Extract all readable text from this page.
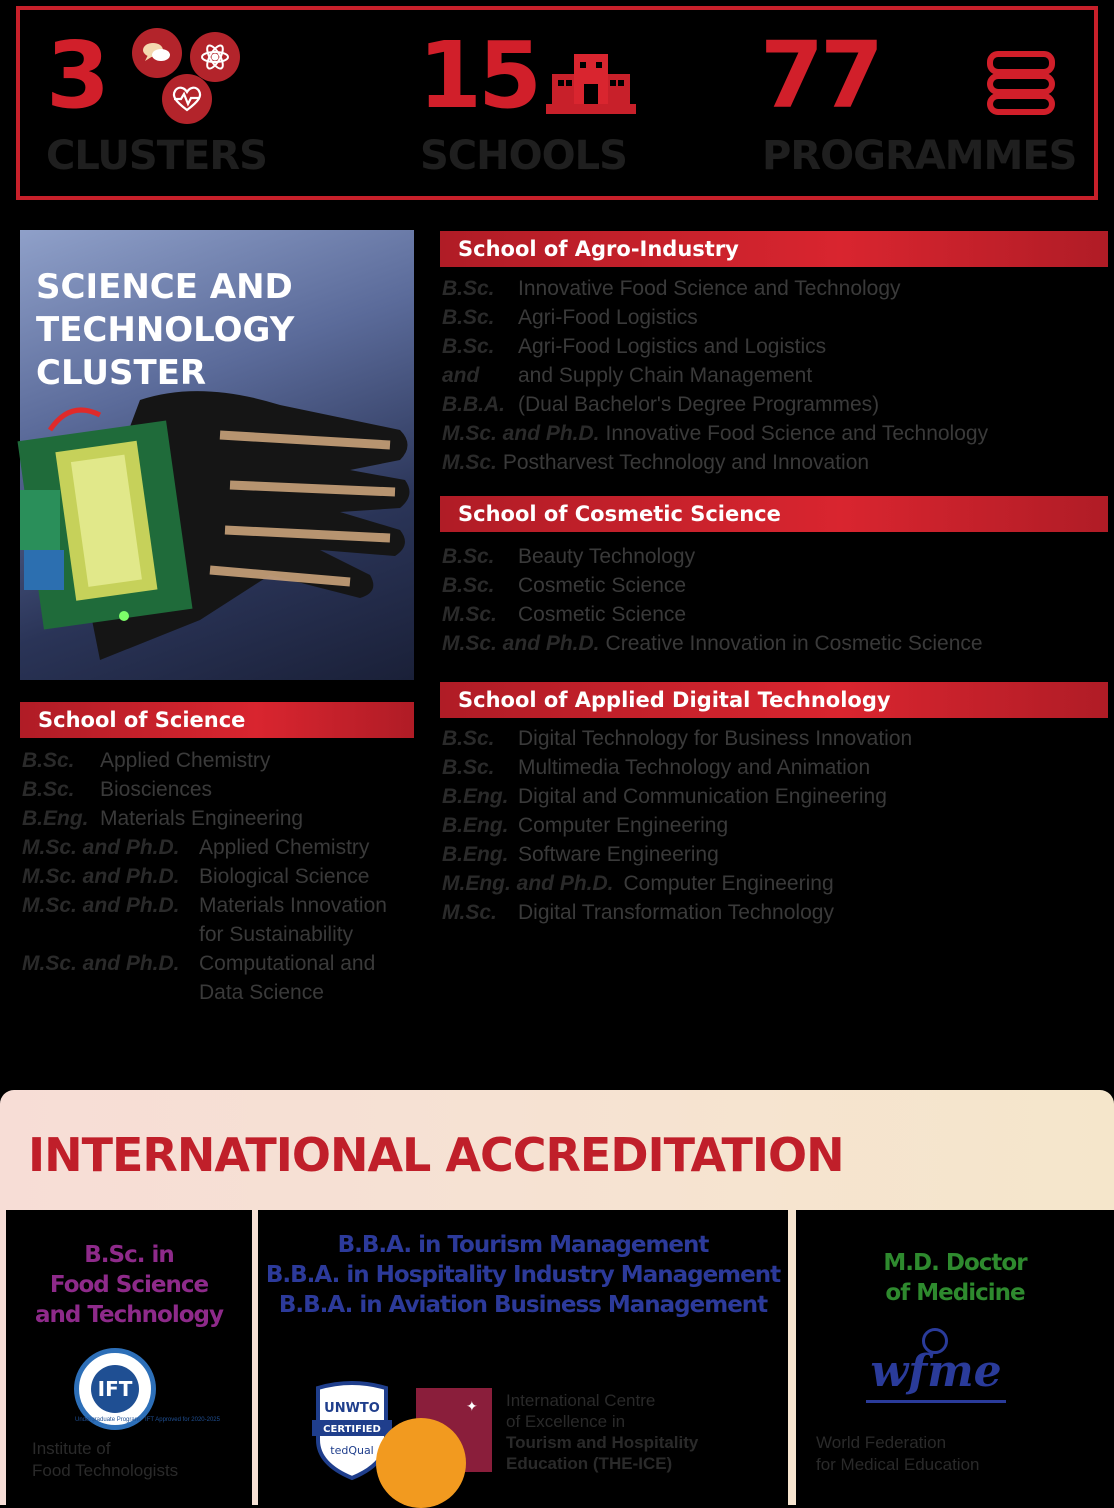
3
CLUSTERS
15
SCHOOLS
77
PROGRAMMES
SCIENCE AND
TECHNOLOGY
CLUSTER
School of Agro-Industry
B.Sc.	Innovative Food Science and Technology
B.Sc.	Agri-Food Logistics
B.Sc.	Agri-Food Logistics and Logistics
and	and Supply Chain Management
B.B.A. (Dual Bachelor's Degree Programmes)
M.Sc. and Ph.D. Innovative Food Science and Technology
M.Sc. Postharvest Technology and Innovation
School of Cosmetic Science
B.Sc.	Beauty Technology
B.Sc.	Cosmetic Science
M.Sc.	Cosmetic Science
M.Sc. and Ph.D. Creative Innovation in Cosmetic Science
School of Applied Digital Technology
B.Sc.	Digital Technology for Business Innovation
B.Sc.	Multimedia Technology and Animation
B.Eng. Digital and Communication Engineering
B.Eng. Computer Engineering
B.Eng. Software Engineering
M.Eng. and Ph.D. Computer Engineering
M.Sc.	Digital Transformation Technology
School of Science
B.Sc.	Applied Chemistry
B.Sc.	Biosciences
B.Eng. Materials Engineering
M.Sc. and Ph.D. Applied Chemistry
M.Sc. and Ph.D. Biological Science
M.Sc. and Ph.D. Materials Innovation for Sustainability
M.Sc. and Ph.D. Computational and Data Science
INTERNATIONAL ACCREDITATION
B.Sc. in
Food Science
and Technology
IFT
Undergraduate Program · IFT Approved for 2020-2025
Institute of
Food Technologists
B.B.A. in Tourism Management
B.B.A. in Hospitality Industry Management
B.B.A. in Aviation Business Management
UNWTO
CERTIFIED
tedQual
✦ International Centre
of Excellence in
Tourism and Hospitality
Education (THE-ICE)
M.D. Doctor
of Medicine
wfme
World Federation
for Medical Education
